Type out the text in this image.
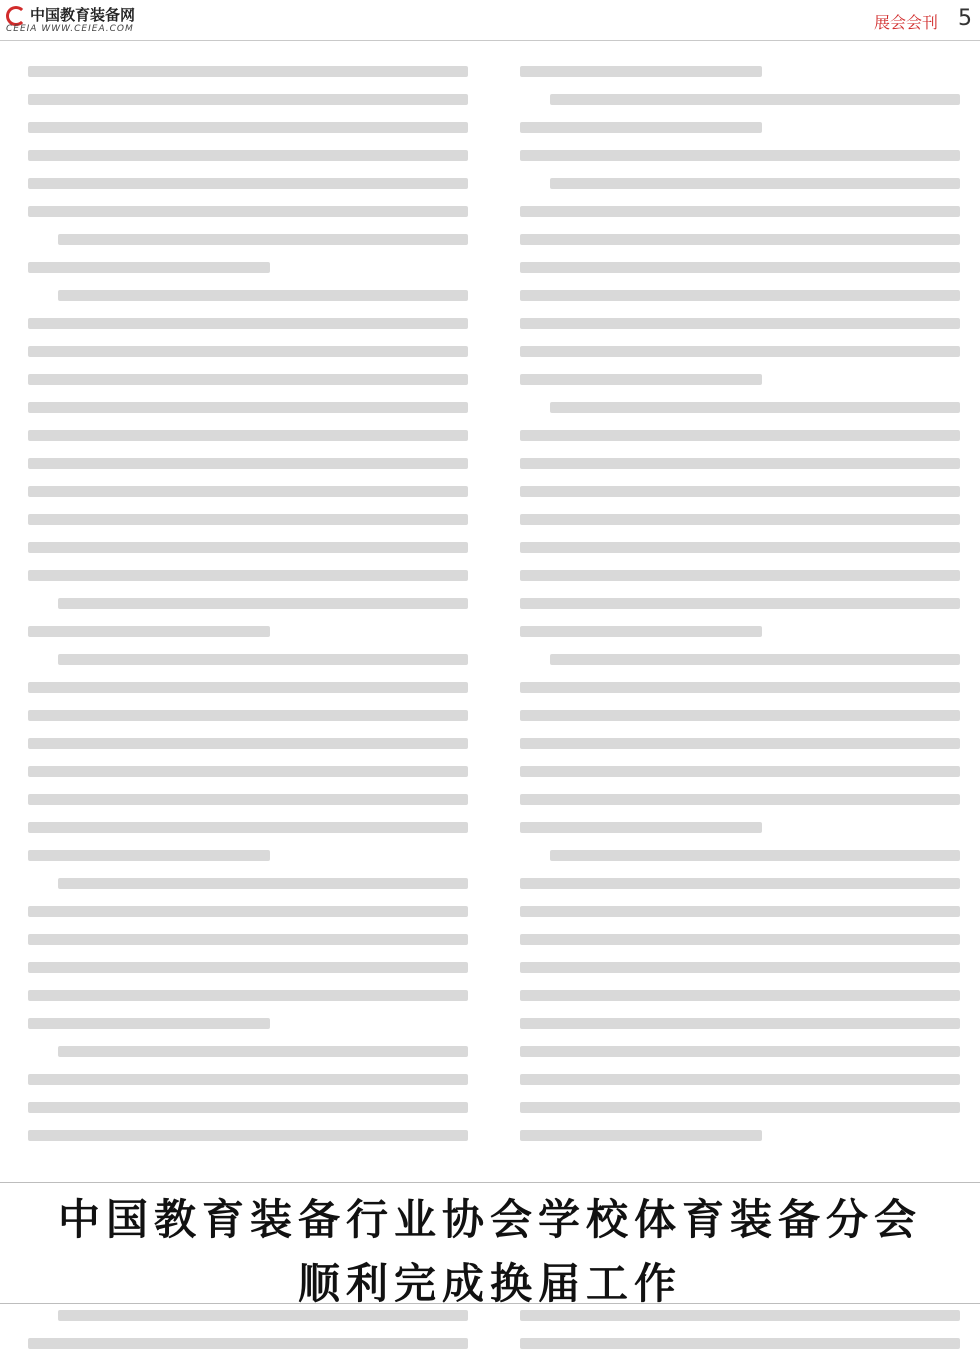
中国教育装备网
CEEIA WWW.CEIEA.COM	展会会刊 5
中国教育装备行业协会学校体育装备分会
顺利完成换届工作
